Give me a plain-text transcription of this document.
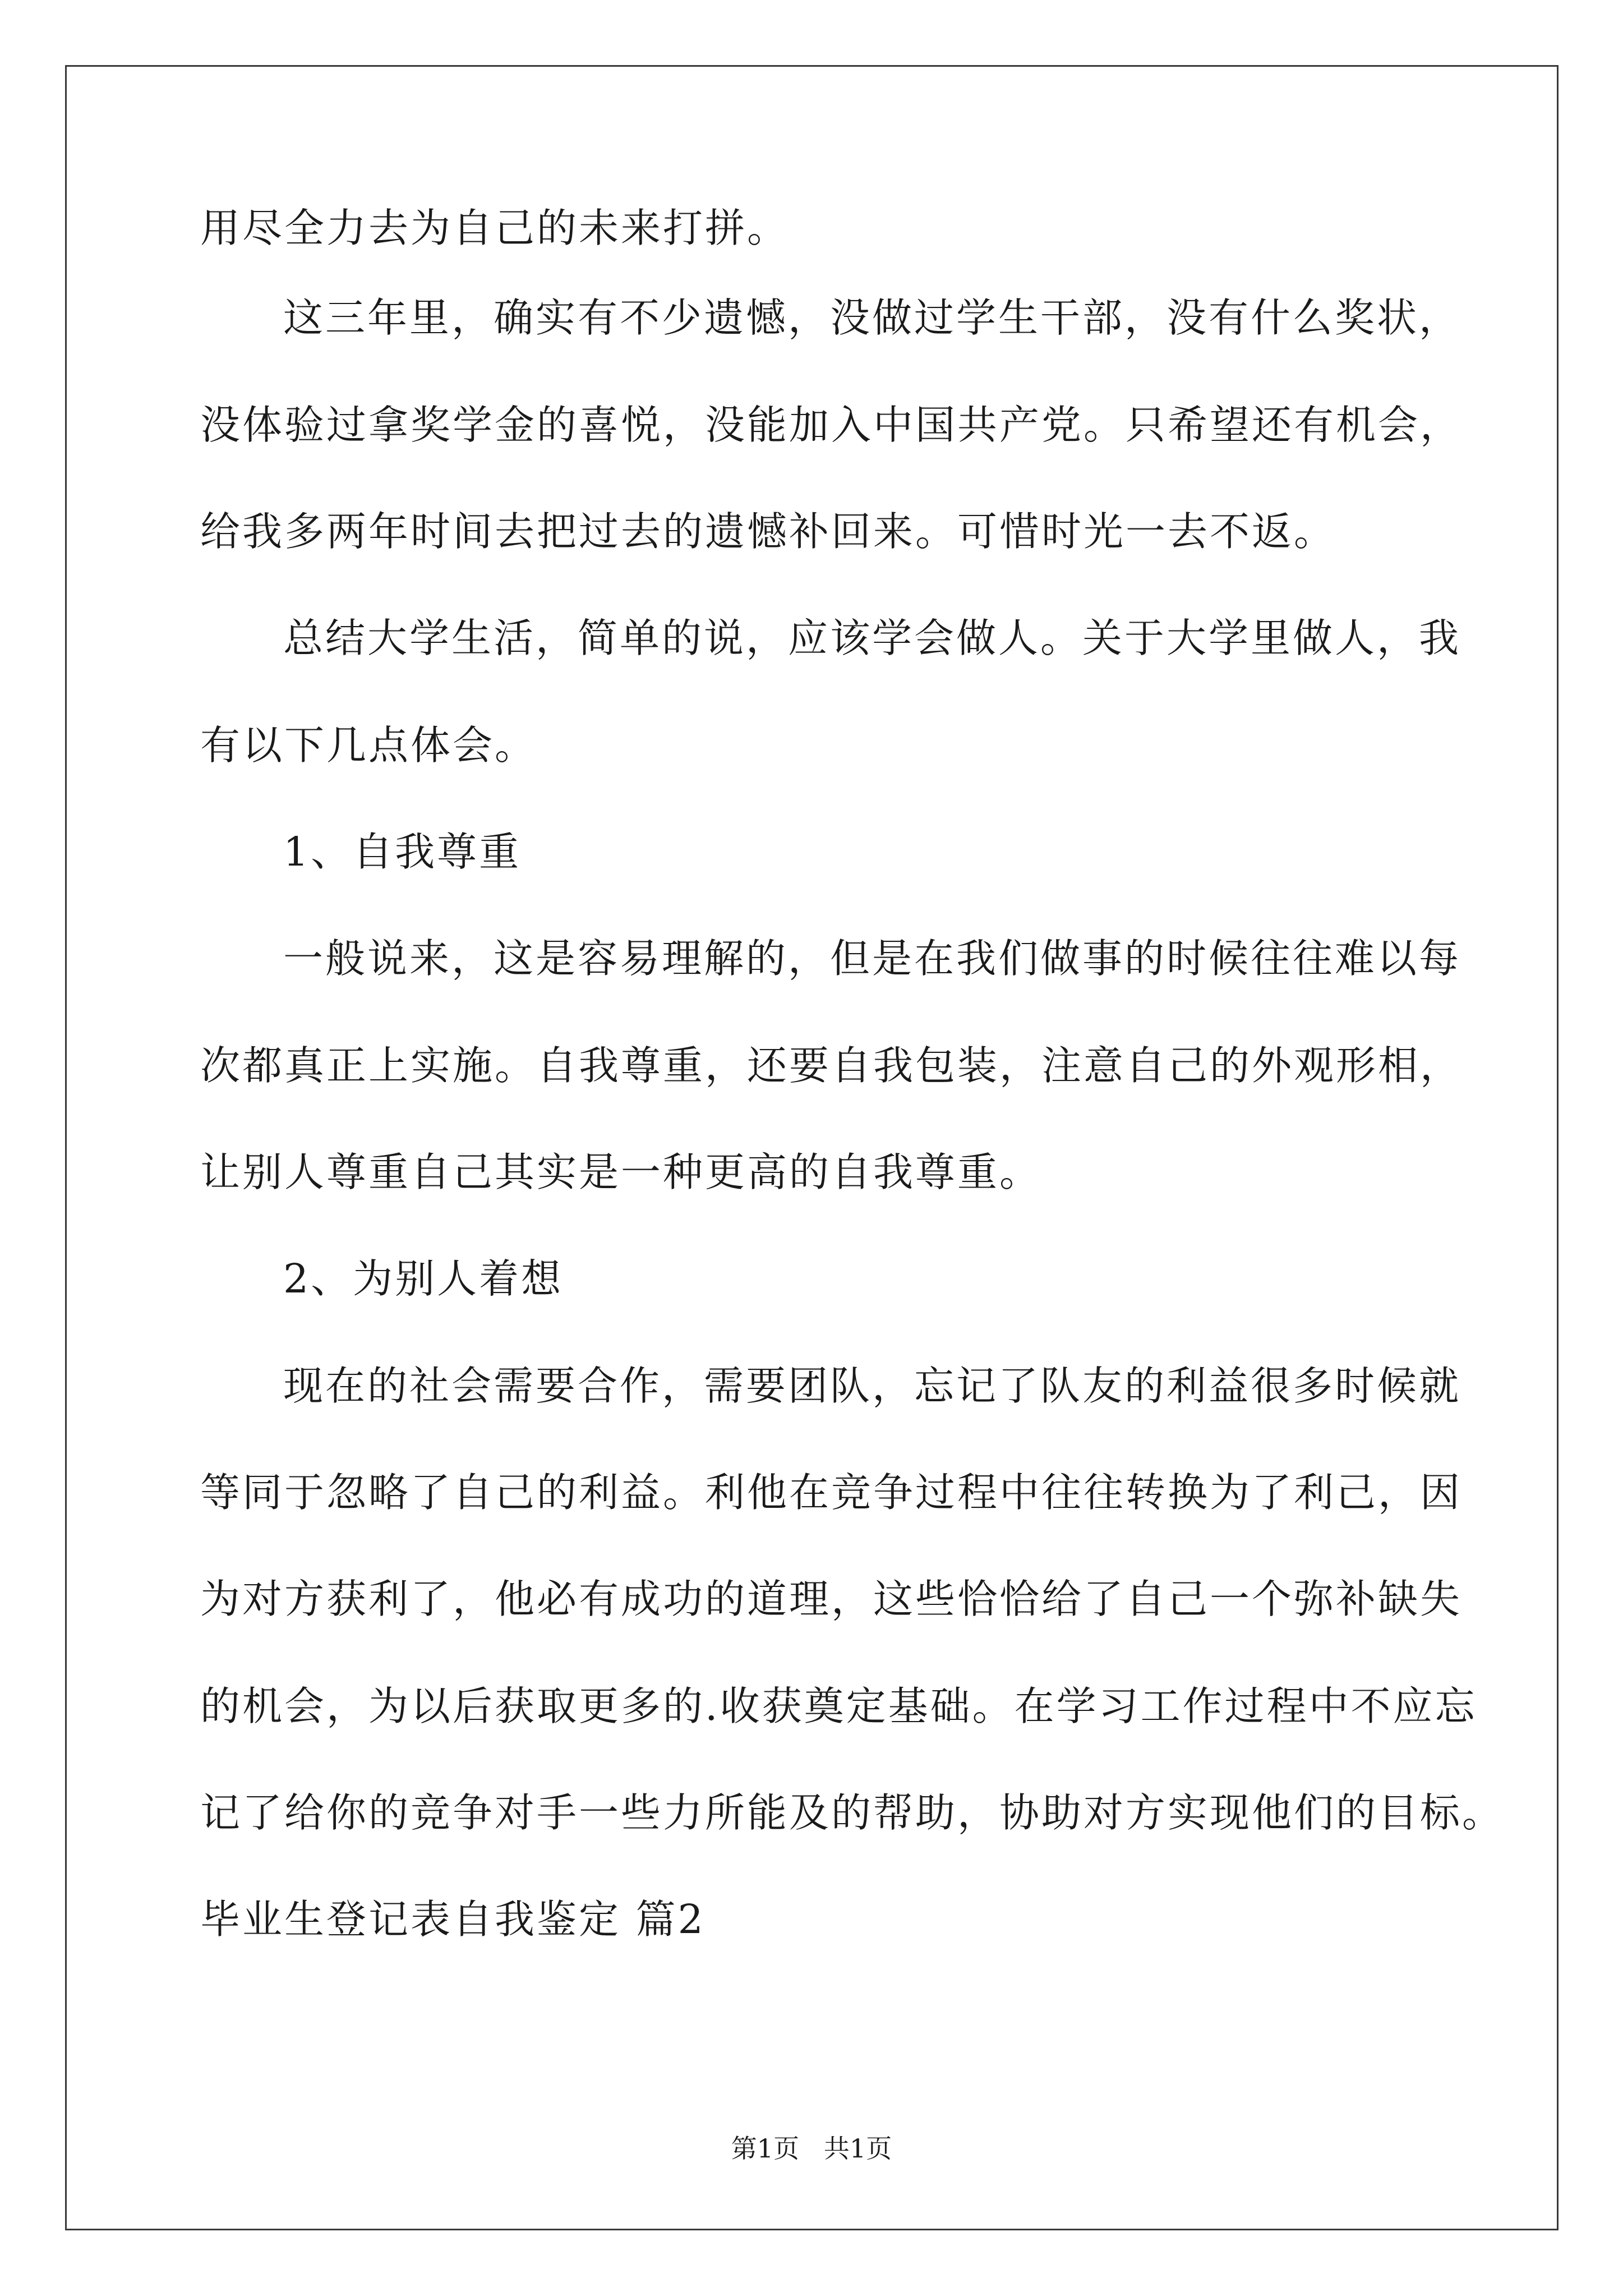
用尽全力去为自己的未来打拼。
这三年里，确实有不少遗憾，没做过学生干部，没有什么奖状，
没体验过拿奖学金的喜悦，没能加入中国共产党。只希望还有机会，
给我多两年时间去把过去的遗憾补回来。可惜时光一去不返。
总结大学生活，简单的说，应该学会做人。关于大学里做人，我
有以下几点体会。
1、自我尊重
一般说来，这是容易理解的，但是在我们做事的时候往往难以每
次都真正上实施。自我尊重，还要自我包装，注意自己的外观形相，
让别人尊重自己其实是一种更高的自我尊重。
2、为别人着想
现在的社会需要合作，需要团队，忘记了队友的利益很多时候就
等同于忽略了自己的利益。利他在竞争过程中往往转换为了利己，因
为对方获利了，他必有成功的道理，这些恰恰给了自己一个弥补缺失
的机会，为以后获取更多的.收获奠定基础。在学习工作过程中不应忘
记了给你的竞争对手一些力所能及的帮助，协助对方实现他们的目标。
毕业生登记表自我鉴定 篇2
第1页   共1页
